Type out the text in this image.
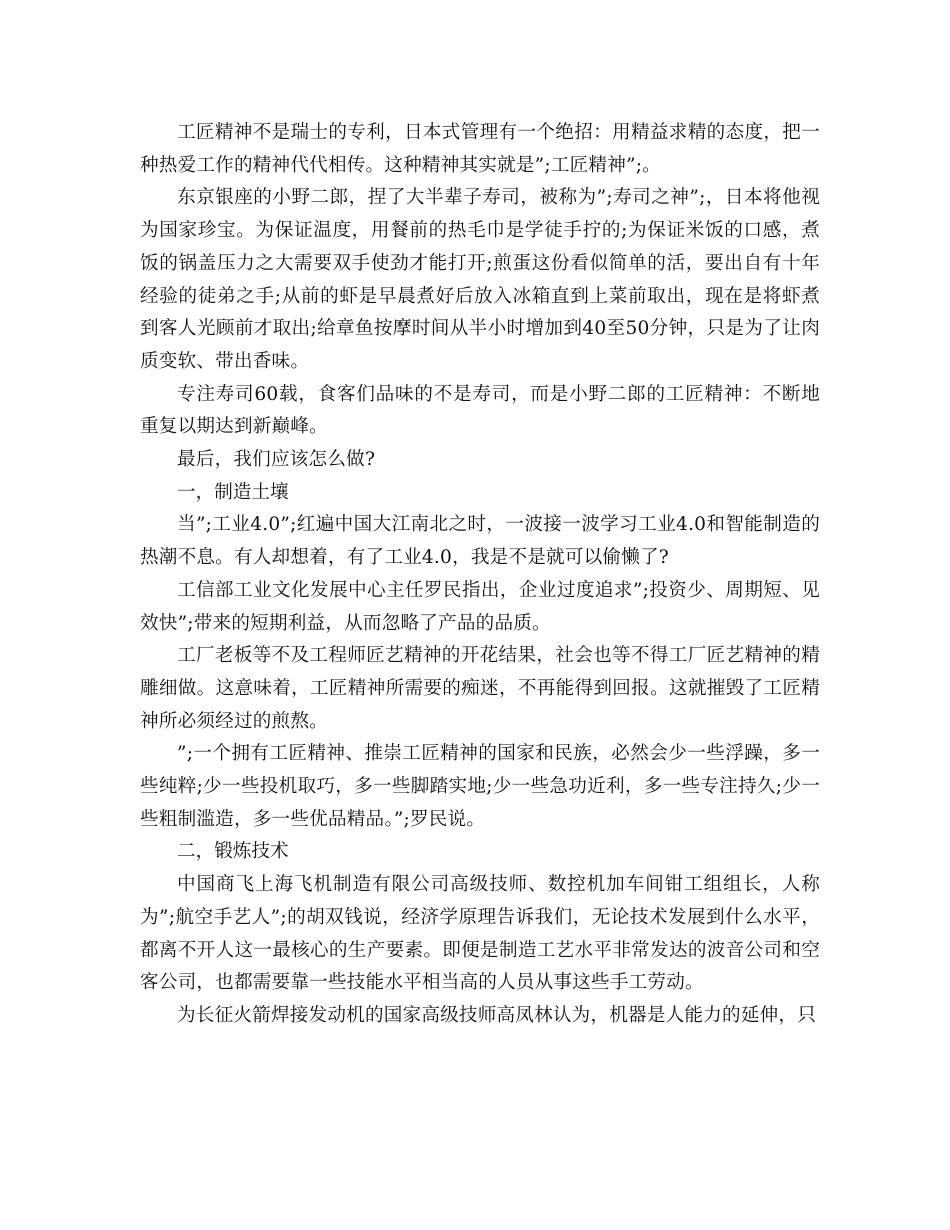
工匠精神不是瑞士的专利，日本式管理有一个绝招：用精益求精的态度，把一种热爱工作的精神代代相传。这种精神其实就是”;工匠精神”;。

东京银座的小野二郎，捏了大半辈子寿司，被称为”;寿司之神”;，日本将他视为国家珍宝。为保证温度，用餐前的热毛巾是学徒手拧的;为保证米饭的口感，煮饭的锅盖压力之大需要双手使劲才能打开;煎蛋这份看似简单的活，要出自有十年经验的徒弟之手;从前的虾是早晨煮好后放入冰箱直到上菜前取出，现在是将虾煮到客人光顾前才取出;给章鱼按摩时间从半小时增加到40至50分钟，只是为了让肉质变软、带出香味。

专注寿司60载，食客们品味的不是寿司，而是小野二郎的工匠精神：不断地重复以期达到新巅峰。

最后，我们应该怎么做?

一，制造土壤

当”;工业4.0”;红遍中国大江南北之时，一波接一波学习工业4.0和智能制造的热潮不息。有人却想着，有了工业4.0，我是不是就可以偷懒了?

工信部工业文化发展中心主任罗民指出，企业过度追求”;投资少、周期短、见效快”;带来的短期利益，从而忽略了产品的品质。

工厂老板等不及工程师匠艺精神的开花结果，社会也等不得工厂匠艺精神的精雕细做。这意味着，工匠精神所需要的痴迷，不再能得到回报。这就摧毁了工匠精神所必须经过的煎熬。

”;一个拥有工匠精神、推崇工匠精神的国家和民族，必然会少一些浮躁，多一些纯粹;少一些投机取巧，多一些脚踏实地;少一些急功近利，多一些专注持久;少一些粗制滥造，多一些优品精品。”;罗民说。

二，锻炼技术

中国商飞上海飞机制造有限公司高级技师、数控机加车间钳工组组长，人称为”;航空手艺人”;的胡双钱说，经济学原理告诉我们，无论技术发展到什么水平，都离不开人这一最核心的生产要素。即便是制造工艺水平非常发达的波音公司和空客公司，也都需要靠一些技能水平相当高的人员从事这些手工劳动。

为长征火箭焊接发动机的国家高级技师高凤林认为，机器是人能力的延伸，只
